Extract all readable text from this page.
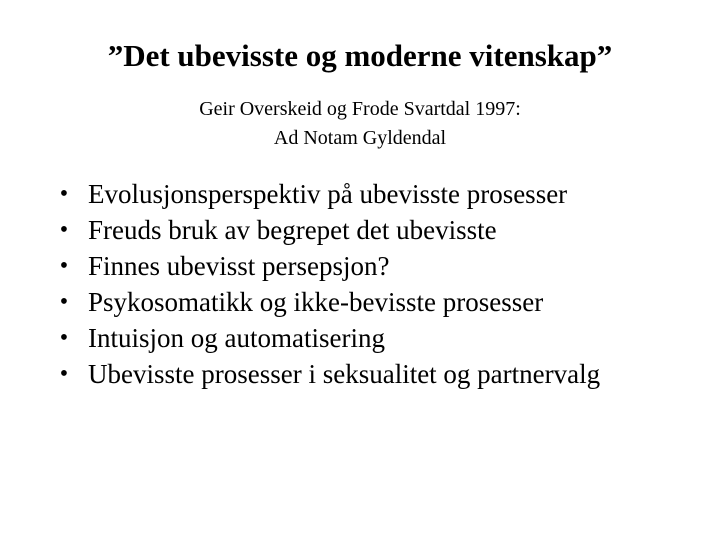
”Det ubevisste og moderne vitenskap”
Geir Overskeid og Frode Svartdal 1997:
Ad Notam Gyldendal
• Evolusjonsperspektiv på ubevisste prosesser
• Freuds bruk av begrepet det ubevisste
• Finnes ubevisst persepsjon?
• Psykosomatikk og ikke-bevisste prosesser
• Intuisjon og automatisering
• Ubevisste prosesser i seksualitet og partnervalg
